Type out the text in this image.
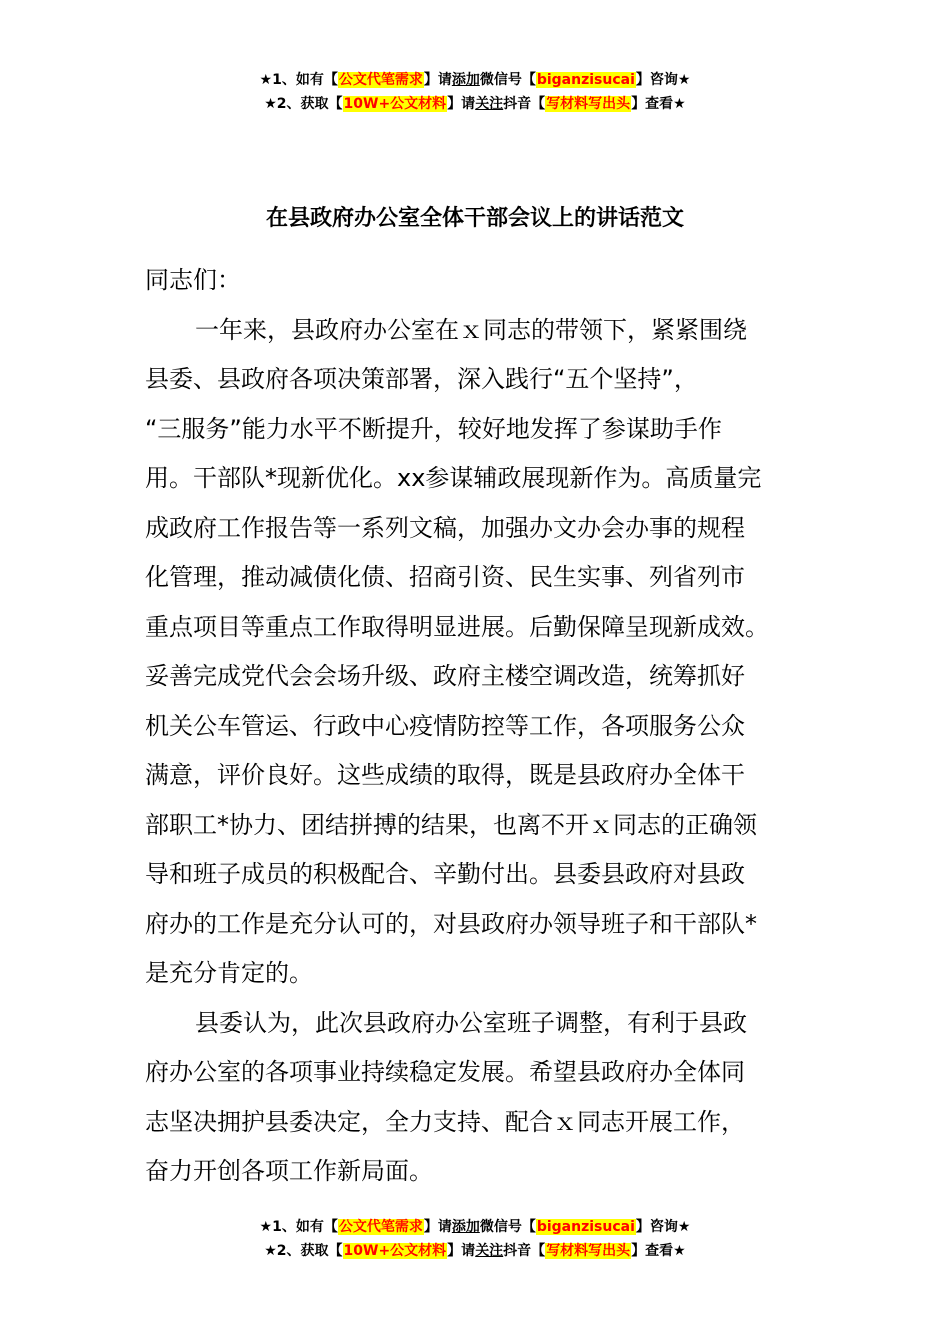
★1、如有【公文代笔需求】请添加微信号【biganzisucai】咨询★
★2、获取【10W+公文材料】请关注抖音【写材料写出头】查看★
在县政府办公室全体干部会议上的讲话范文

同志们：

一年来，县政府办公室在ｘ同志的带领下，紧紧围绕
县委、县政府各项决策部署，深入践行“五个坚持”，
“三服务”能力水平不断提升，较好地发挥了参谋助手作
用。干部队*现新优化。xx参谋辅政展现新作为。高质量完
成政府工作报告等一系列文稿，加强办文办会办事的规程
化管理，推动减债化债、招商引资、民生实事、列省列市
重点项目等重点工作取得明显进展。后勤保障呈现新成效。
妥善完成党代会会场升级、政府主楼空调改造，统筹抓好
机关公车管运、行政中心疫情防控等工作，各项服务公众
满意，评价良好。这些成绩的取得，既是县政府办全体干
部职工*协力、团结拼搏的结果，也离不开ｘ同志的正确领
导和班子成员的积极配合、辛勤付出。县委县政府对县政
府办的工作是充分认可的，对县政府办领导班子和干部队*
是充分肯定的。

县委认为，此次县政府办公室班子调整，有利于县政
府办公室的各项事业持续稳定发展。希望县政府办全体同
志坚决拥护县委决定，全力支持、配合ｘ同志开展工作，
奋力开创各项工作新局面。

★1、如有【公文代笔需求】请添加微信号【biganzisucai】咨询★
★2、获取【10W+公文材料】请关注抖音【写材料写出头】查看★
